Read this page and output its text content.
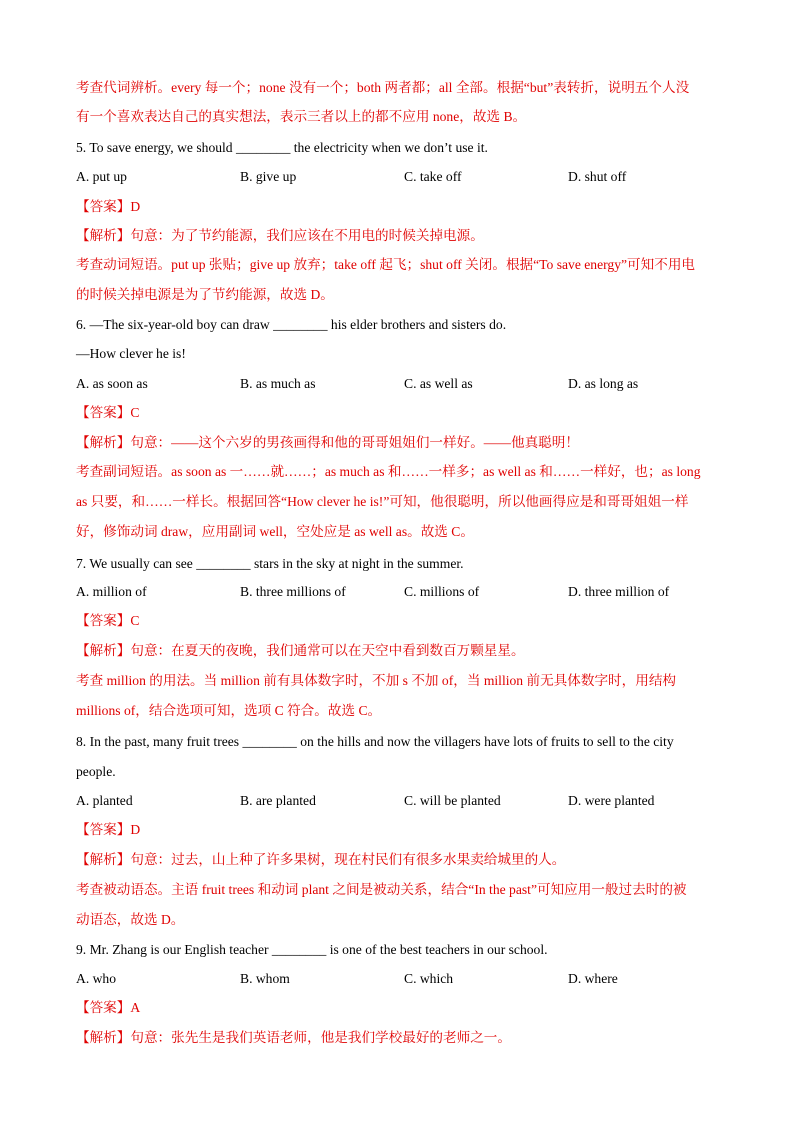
考查代词辨析。every 每一个；none 没有一个；both 两者都；all 全部。根据“but”表转折，说明五个人没
有一个喜欢表达自己的真实想法，表示三者以上的都不应用 none，故选 B。
5. To save energy, we should ________ the electricity when we don’t use it.
A. put up	B. give up	C. take off	D. shut off
【答案】D
【解析】句意：为了节约能源，我们应该在不用电的时候关掉电源。
考查动词短语。put up 张贴；give up 放弃；take off 起飞；shut off 关闭。根据“To save energy”可知不用电
的时候关掉电源是为了节约能源，故选 D。
6. —The six-year-old boy can draw ________ his elder brothers and sisters do.
—How clever he is!
A. as soon as	B. as much as	C. as well as	D. as long as
【答案】C
【解析】句意：——这个六岁的男孩画得和他的哥哥姐姐们一样好。——他真聪明！
考查副词短语。as soon as 一……就……；as much as 和……一样多；as well as 和……一样好，也；as long
as 只要，和……一样长。根据回答“How clever he is!”可知，他很聪明，所以他画得应是和哥哥姐姐一样
好，修饰动词 draw，应用副词 well，空处应是 as well as。故选 C。
7. We usually can see ________ stars in the sky at night in the summer.
A. million of	B. three millions of	C. millions of	D. three million of
【答案】C
【解析】句意：在夏天的夜晚，我们通常可以在天空中看到数百万颗星星。
考查 million 的用法。当 million 前有具体数字时，不加 s 不加 of，当 million 前无具体数字时，用结构
millions of，结合选项可知，选项 C 符合。故选 C。
8. In the past, many fruit trees ________ on the hills and now the villagers have lots of fruits to sell to the city
people.
A. planted	B. are planted	C. will be planted	D. were planted
【答案】D
【解析】句意：过去，山上种了许多果树，现在村民们有很多水果卖给城里的人。
考查被动语态。主语 fruit trees 和动词 plant 之间是被动关系，结合“In the past”可知应用一般过去时的被
动语态，故选 D。
9. Mr. Zhang is our English teacher ________ is one of the best teachers in our school.
A. who	B. whom	C. which	D. where
【答案】A
【解析】句意：张先生是我们英语老师，他是我们学校最好的老师之一。
